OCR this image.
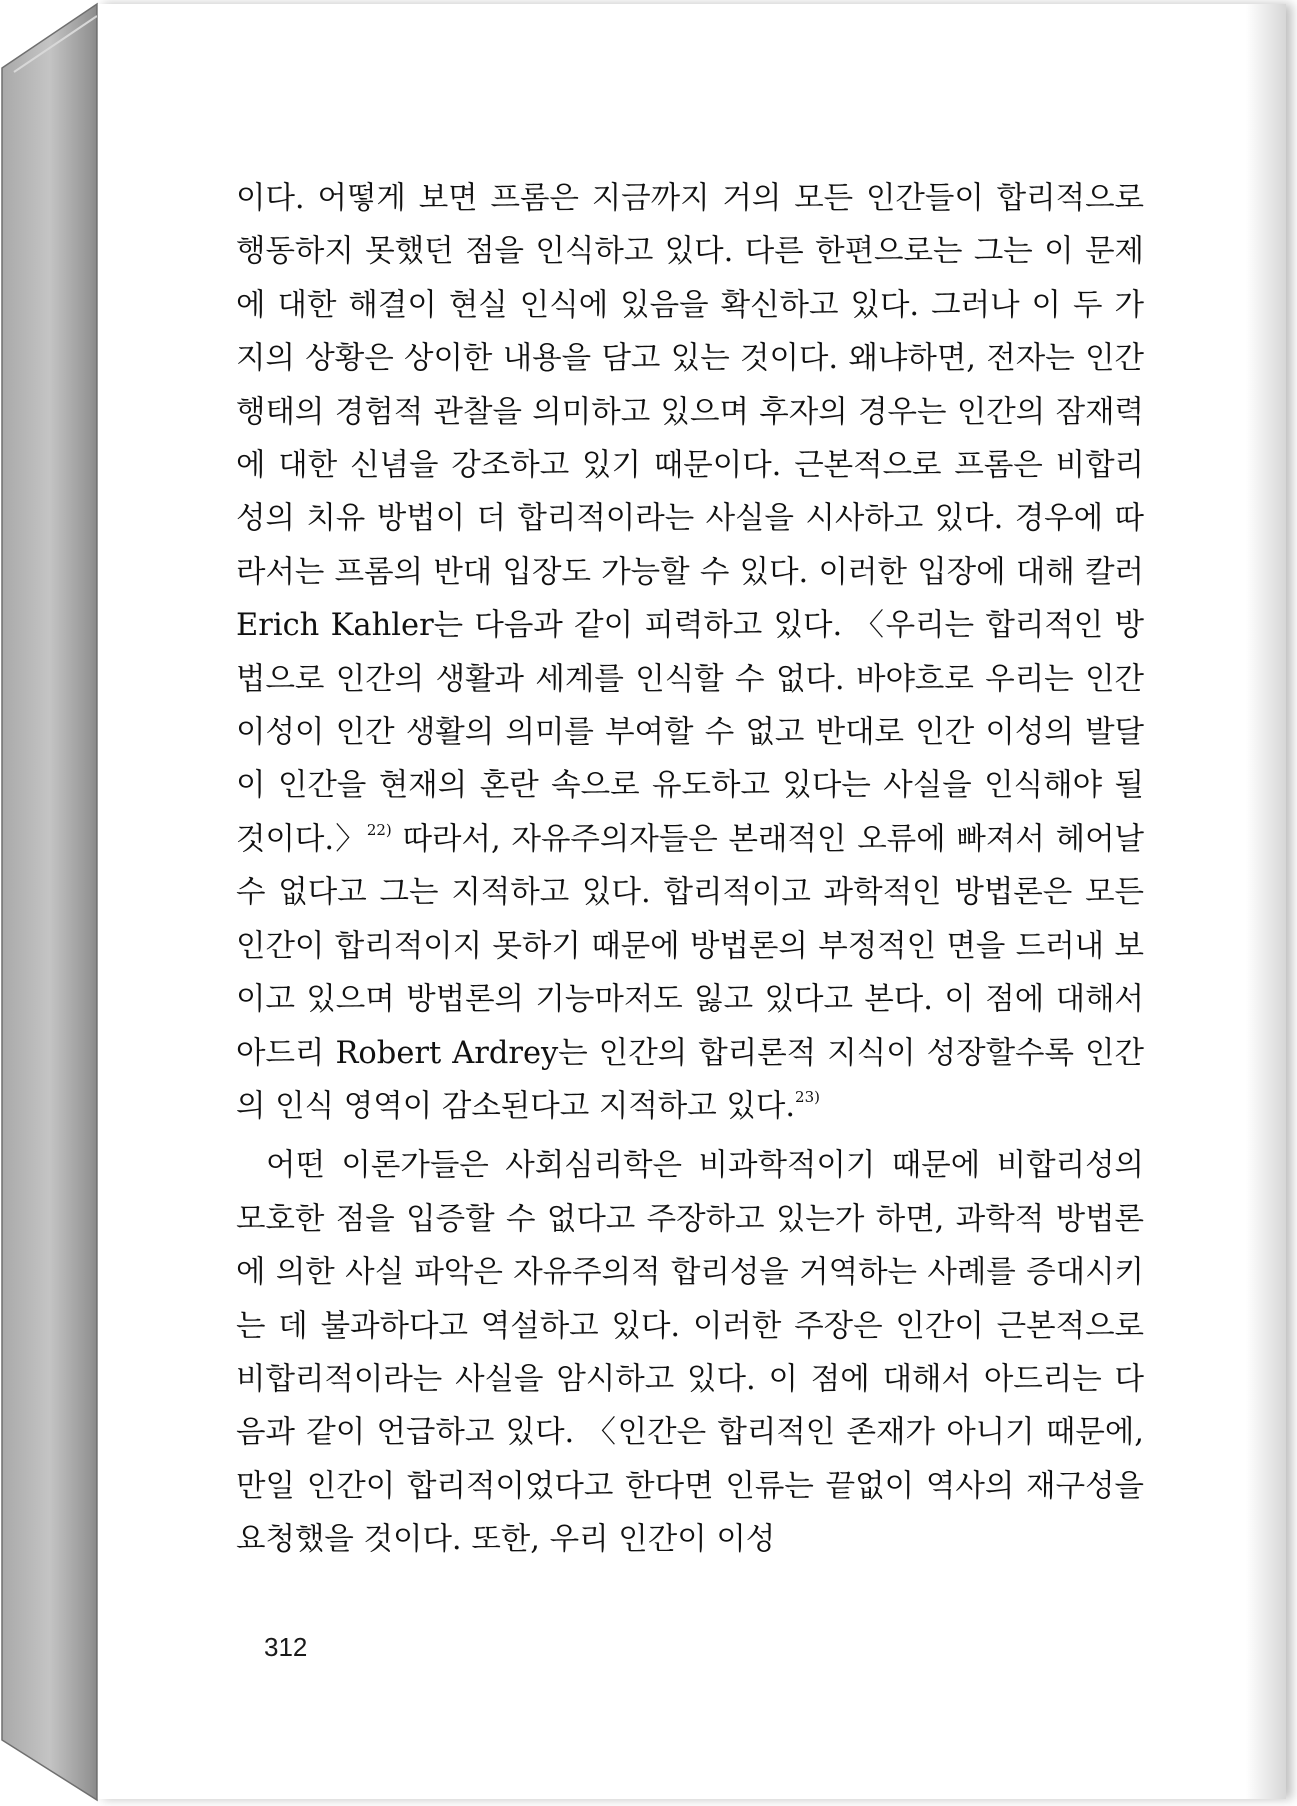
이다. 어떻게 보면 프롬은 지금까지 거의 모든 인간들이 합리적으로 행동하지 못했던 점을 인식하고 있다. 다른 한편으로는 그는 이 문제에 대한 해결이 현실 인식에 있음을 확신하고 있다. 그러나 이 두 가지의 상황은 상이한 내용을 담고 있는 것이다. 왜냐하면, 전자는 인간 행태의 경험적 관찰을 의미하고 있으며 후자의 경우는 인간의 잠재력에 대한 신념을 강조하고 있기 때문이다. 근본적으로 프롬은 비합리성의 치유 방법이 더 합리적이라는 사실을 시사하고 있다. 경우에 따라서는 프롬의 반대 입장도 가능할 수 있다. 이러한 입장에 대해 칼러 Erich Kahler는 다음과 같이 피력하고 있다. 〈우리는 합리적인 방법으로 인간의 생활과 세계를 인식할 수 없다. 바야흐로 우리는 인간 이성이 인간 생활의 의미를 부여할 수 없고 반대로 인간 이성의 발달이 인간을 현재의 혼란 속으로 유도하고 있다는 사실을 인식해야 될 것이다.〉$^{22)}$ 따라서, 자유주의자들은 본래적인 오류에 빠져서 헤어날 수 없다고 그는 지적하고 있다. 합리적이고 과학적인 방법론은 모든 인간이 합리적이지 못하기 때문에 방법론의 부정적인 면을 드러내 보이고 있으며 방법론의 기능마저도 잃고 있다고 본다. 이 점에 대해서 아드리 Robert Ardrey는 인간의 합리론적 지식이 성장할수록 인간의 인식 영역이 감소된다고 지적하고 있다.$^{23)}$

어떤 이론가들은 사회심리학은 비과학적이기 때문에 비합리성의 모호한 점을 입증할 수 없다고 주장하고 있는가 하면, 과학적 방법론에 의한 사실 파악은 자유주의적 합리성을 거역하는 사례를 증대시키는 데 불과하다고 역설하고 있다. 이러한 주장은 인간이 근본적으로 비합리적이라는 사실을 암시하고 있다. 이 점에 대해서 아드리는 다음과 같이 언급하고 있다. 〈인간은 합리적인 존재가 아니기 때문에, 만일 인간이 합리적이었다고 한다면 인류는 끝없이 역사의 재구성을 요청했을 것이다. 또한, 우리 인간이 이성

312
